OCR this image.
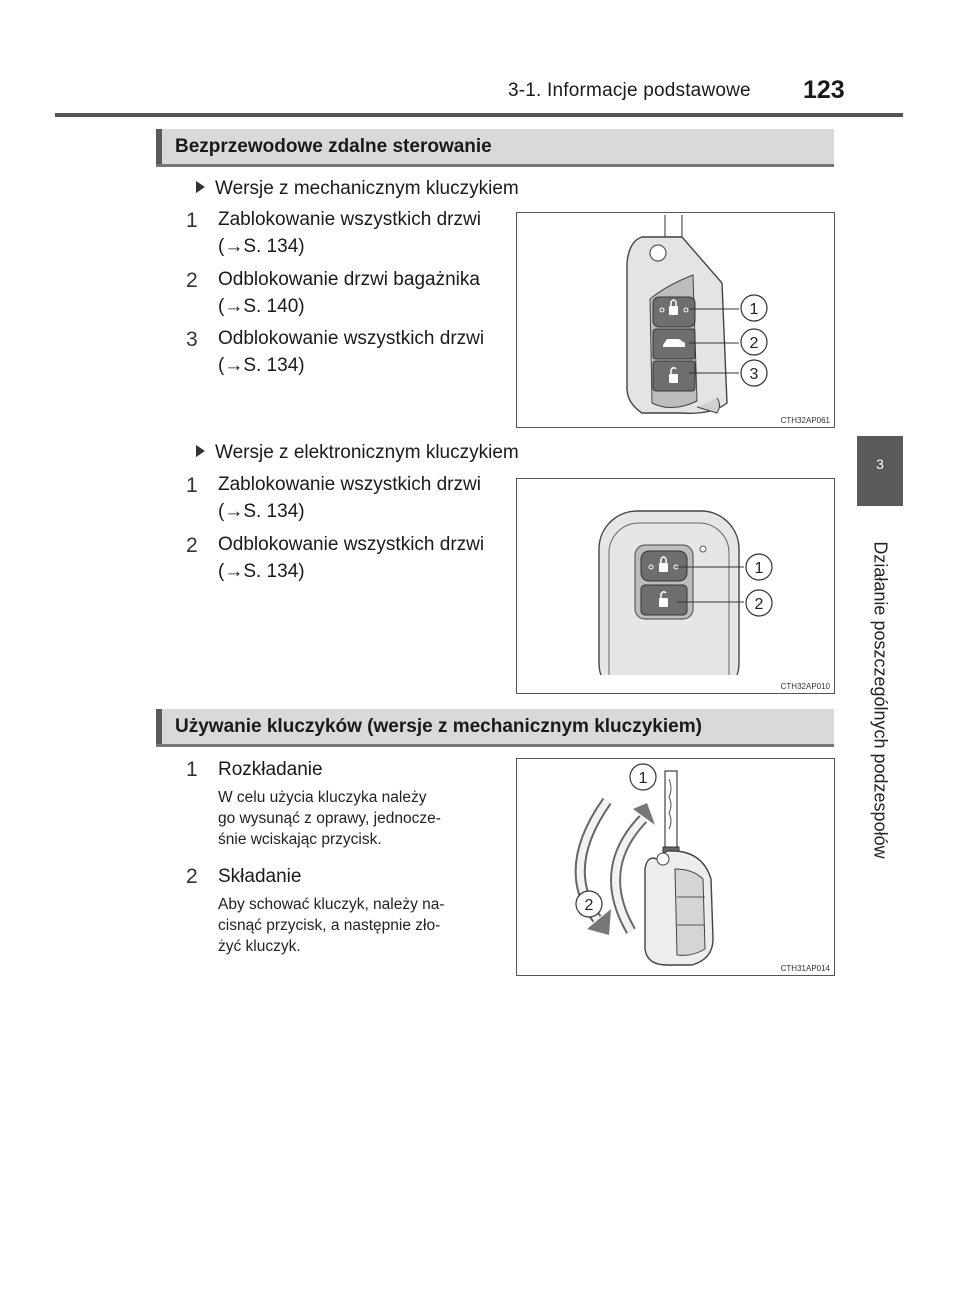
3-1. Informacje podstawowe 123
3
Działanie poszczególnych podzespołów
Bezprzewodowe zdalne sterowanie
Wersje z mechanicznym kluczykiem
1 Zablokowanie wszystkich drzwi
(→S. 134)
2 Odblokowanie drzwi bagażnika
(→S. 140)
3 Odblokowanie wszystkich drzwi
(→S. 134)
1
2
3
CTH32AP061
Wersje z elektronicznym kluczykiem
1 Zablokowanie wszystkich drzwi
(→S. 134)
2 Odblokowanie wszystkich drzwi
(→S. 134)	1
2
CTH32AP010
Używanie kluczyków (wersje z mechanicznym kluczykiem)
1 Rozkładanie
W celu użycia kluczyka należy
go wysunąć z oprawy, jednocze-
śnie wciskając przycisk.
2 Składanie
Aby schować kluczyk, należy na-
cisnąć przycisk, a następnie zło-
żyć kluczyk.
1
2
CTH31AP014
